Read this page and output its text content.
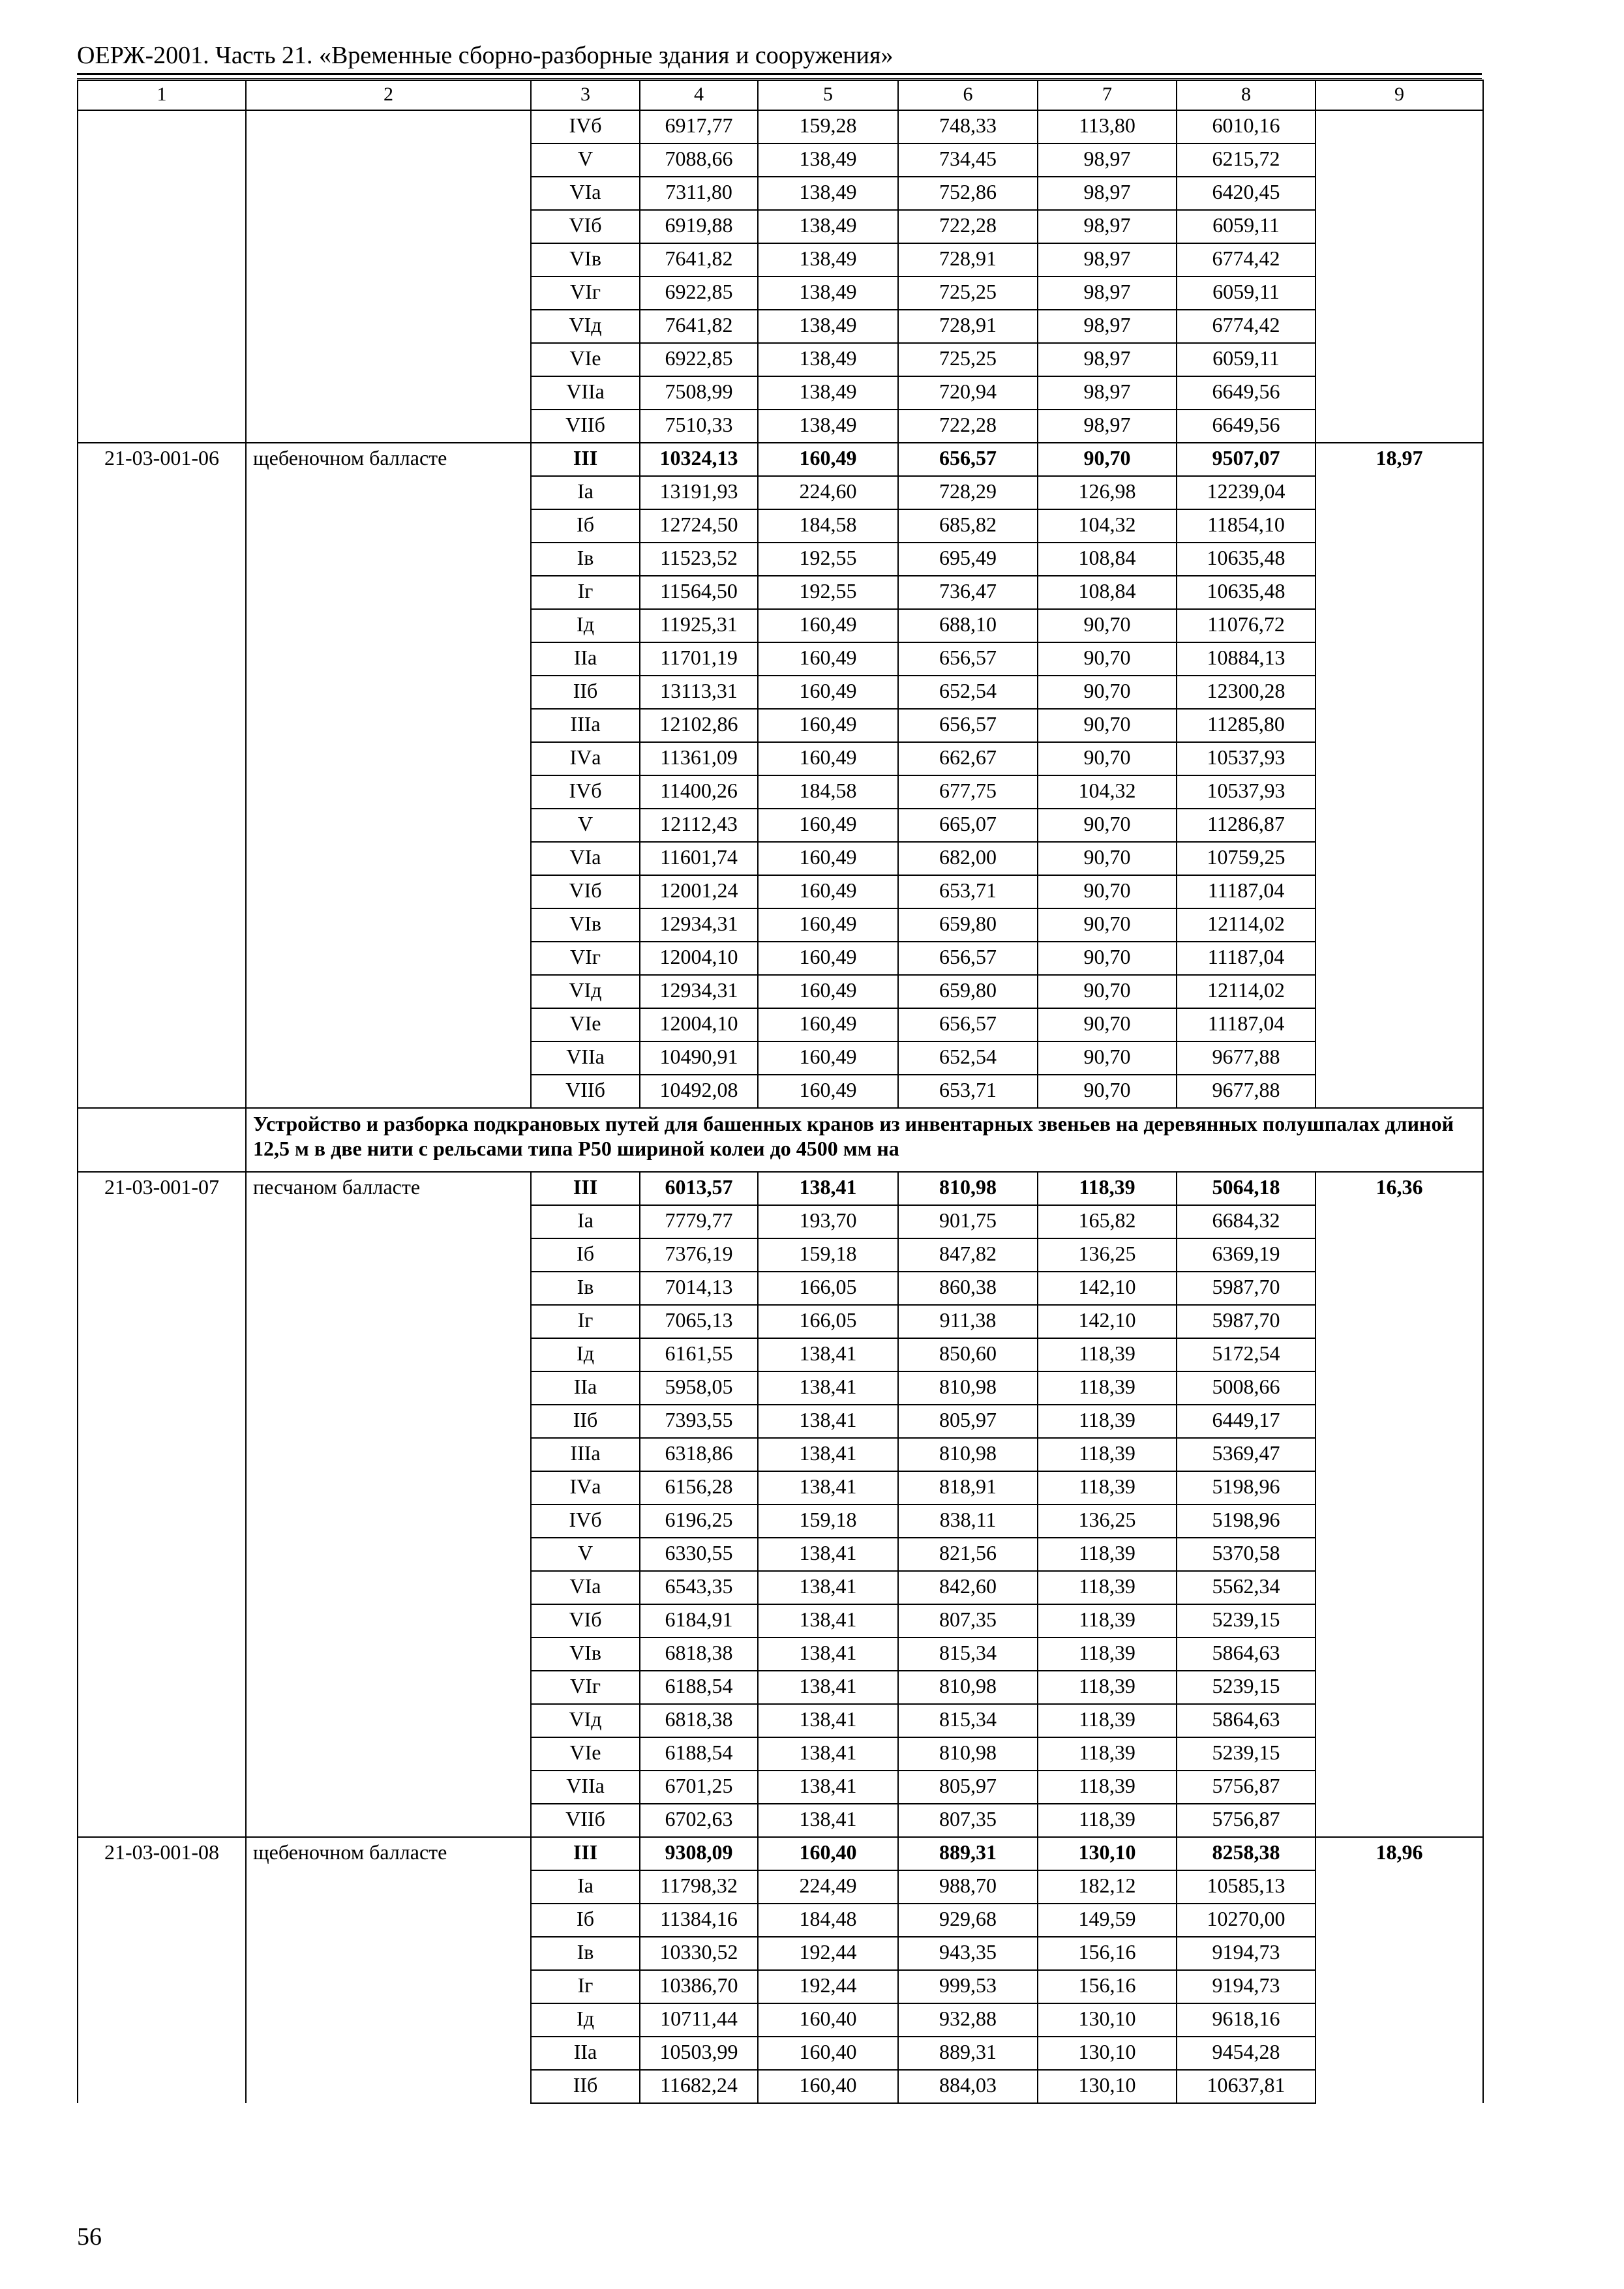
ОЕРЖ-2001. Часть 21. «Временные сборно-разборные здания и сооружения»
1	2	3	4	5	6	7	8	9
		IVб	6917,77	159,28	748,33	113,80	6010,16	
		V	7088,66	138,49	734,45	98,97	6215,72	
		VIа	7311,80	138,49	752,86	98,97	6420,45	
		VIб	6919,88	138,49	722,28	98,97	6059,11	
		VIв	7641,82	138,49	728,91	98,97	6774,42	
		VIг	6922,85	138,49	725,25	98,97	6059,11	
		VIд	7641,82	138,49	728,91	98,97	6774,42	
		VIе	6922,85	138,49	725,25	98,97	6059,11	
		VIIа	7508,99	138,49	720,94	98,97	6649,56	
		VIIб	7510,33	138,49	722,28	98,97	6649,56	
21-03-001-06	щебеночном балласте	III	10324,13	160,49	656,57	90,70	9507,07	18,97
		Iа	13191,93	224,60	728,29	126,98	12239,04	
		Iб	12724,50	184,58	685,82	104,32	11854,10	
		Iв	11523,52	192,55	695,49	108,84	10635,48	
		Iг	11564,50	192,55	736,47	108,84	10635,48	
		Iд	11925,31	160,49	688,10	90,70	11076,72	
		IIа	11701,19	160,49	656,57	90,70	10884,13	
		IIб	13113,31	160,49	652,54	90,70	12300,28	
		IIIа	12102,86	160,49	656,57	90,70	11285,80	
		IVа	11361,09	160,49	662,67	90,70	10537,93	
		IVб	11400,26	184,58	677,75	104,32	10537,93	
		V	12112,43	160,49	665,07	90,70	11286,87	
		VIа	11601,74	160,49	682,00	90,70	10759,25	
		VIб	12001,24	160,49	653,71	90,70	11187,04	
		VIв	12934,31	160,49	659,80	90,70	12114,02	
		VIг	12004,10	160,49	656,57	90,70	11187,04	
		VIд	12934,31	160,49	659,80	90,70	12114,02	
		VIе	12004,10	160,49	656,57	90,70	11187,04	
		VIIа	10490,91	160,49	652,54	90,70	9677,88	
		VIIб	10492,08	160,49	653,71	90,70	9677,88	
	Устройство и разборка подкрановых путей для башенных кранов из инвентарных звеньев на деревянных полушпалах длиной 12,5 м в две нити с рельсами типа Р50 шириной колеи до 4500 мм на							
21-03-001-07	песчаном балласте	III	6013,57	138,41	810,98	118,39	5064,18	16,36
		Iа	7779,77	193,70	901,75	165,82	6684,32	
		Iб	7376,19	159,18	847,82	136,25	6369,19	
		Iв	7014,13	166,05	860,38	142,10	5987,70	
		Iг	7065,13	166,05	911,38	142,10	5987,70	
		Iд	6161,55	138,41	850,60	118,39	5172,54	
		IIа	5958,05	138,41	810,98	118,39	5008,66	
		IIб	7393,55	138,41	805,97	118,39	6449,17	
		IIIа	6318,86	138,41	810,98	118,39	5369,47	
		IVа	6156,28	138,41	818,91	118,39	5198,96	
		IVб	6196,25	159,18	838,11	136,25	5198,96	
		V	6330,55	138,41	821,56	118,39	5370,58	
		VIа	6543,35	138,41	842,60	118,39	5562,34	
		VIб	6184,91	138,41	807,35	118,39	5239,15	
		VIв	6818,38	138,41	815,34	118,39	5864,63	
		VIг	6188,54	138,41	810,98	118,39	5239,15	
		VIд	6818,38	138,41	815,34	118,39	5864,63	
		VIе	6188,54	138,41	810,98	118,39	5239,15	
		VIIа	6701,25	138,41	805,97	118,39	5756,87	
		VIIб	6702,63	138,41	807,35	118,39	5756,87	
21-03-001-08	щебеночном балласте	III	9308,09	160,40	889,31	130,10	8258,38	18,96
		Iа	11798,32	224,49	988,70	182,12	10585,13	
		Iб	11384,16	184,48	929,68	149,59	10270,00	
		Iв	10330,52	192,44	943,35	156,16	9194,73	
		Iг	10386,70	192,44	999,53	156,16	9194,73	
		Iд	10711,44	160,40	932,88	130,10	9618,16	
		IIа	10503,99	160,40	889,31	130,10	9454,28	
		IIб	11682,24	160,40	884,03	130,10	10637,81	
56
